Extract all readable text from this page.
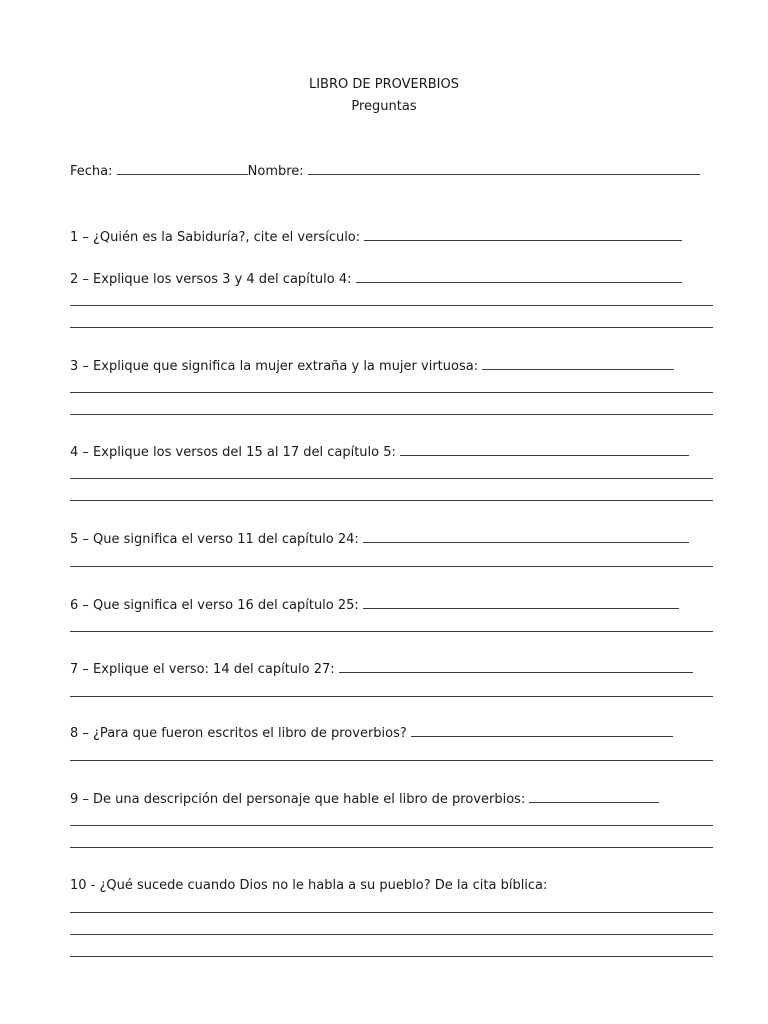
LIBRO DE PROVERBIOS
Preguntas
Fecha:	Nombre:
1 – ¿Quién es la Sabiduría?, cite el versículo:
2 – Explique los versos 3 y 4 del capítulo 4:
3 – Explique que significa la mujer extraña y la mujer virtuosa:
4 – Explique los versos del 15 al 17 del capítulo 5:
5 – Que significa el verso 11 del capítulo 24:
6 – Que significa el verso 16 del capítulo 25:
7 – Explique el verso: 14 del capítulo 27:
8 – ¿Para que fueron escritos el libro de proverbios?
9 – De una descripción del personaje que hable el libro de proverbios:
10 - ¿Qué sucede cuando Dios no le habla a su pueblo? De la cita bíblica:
